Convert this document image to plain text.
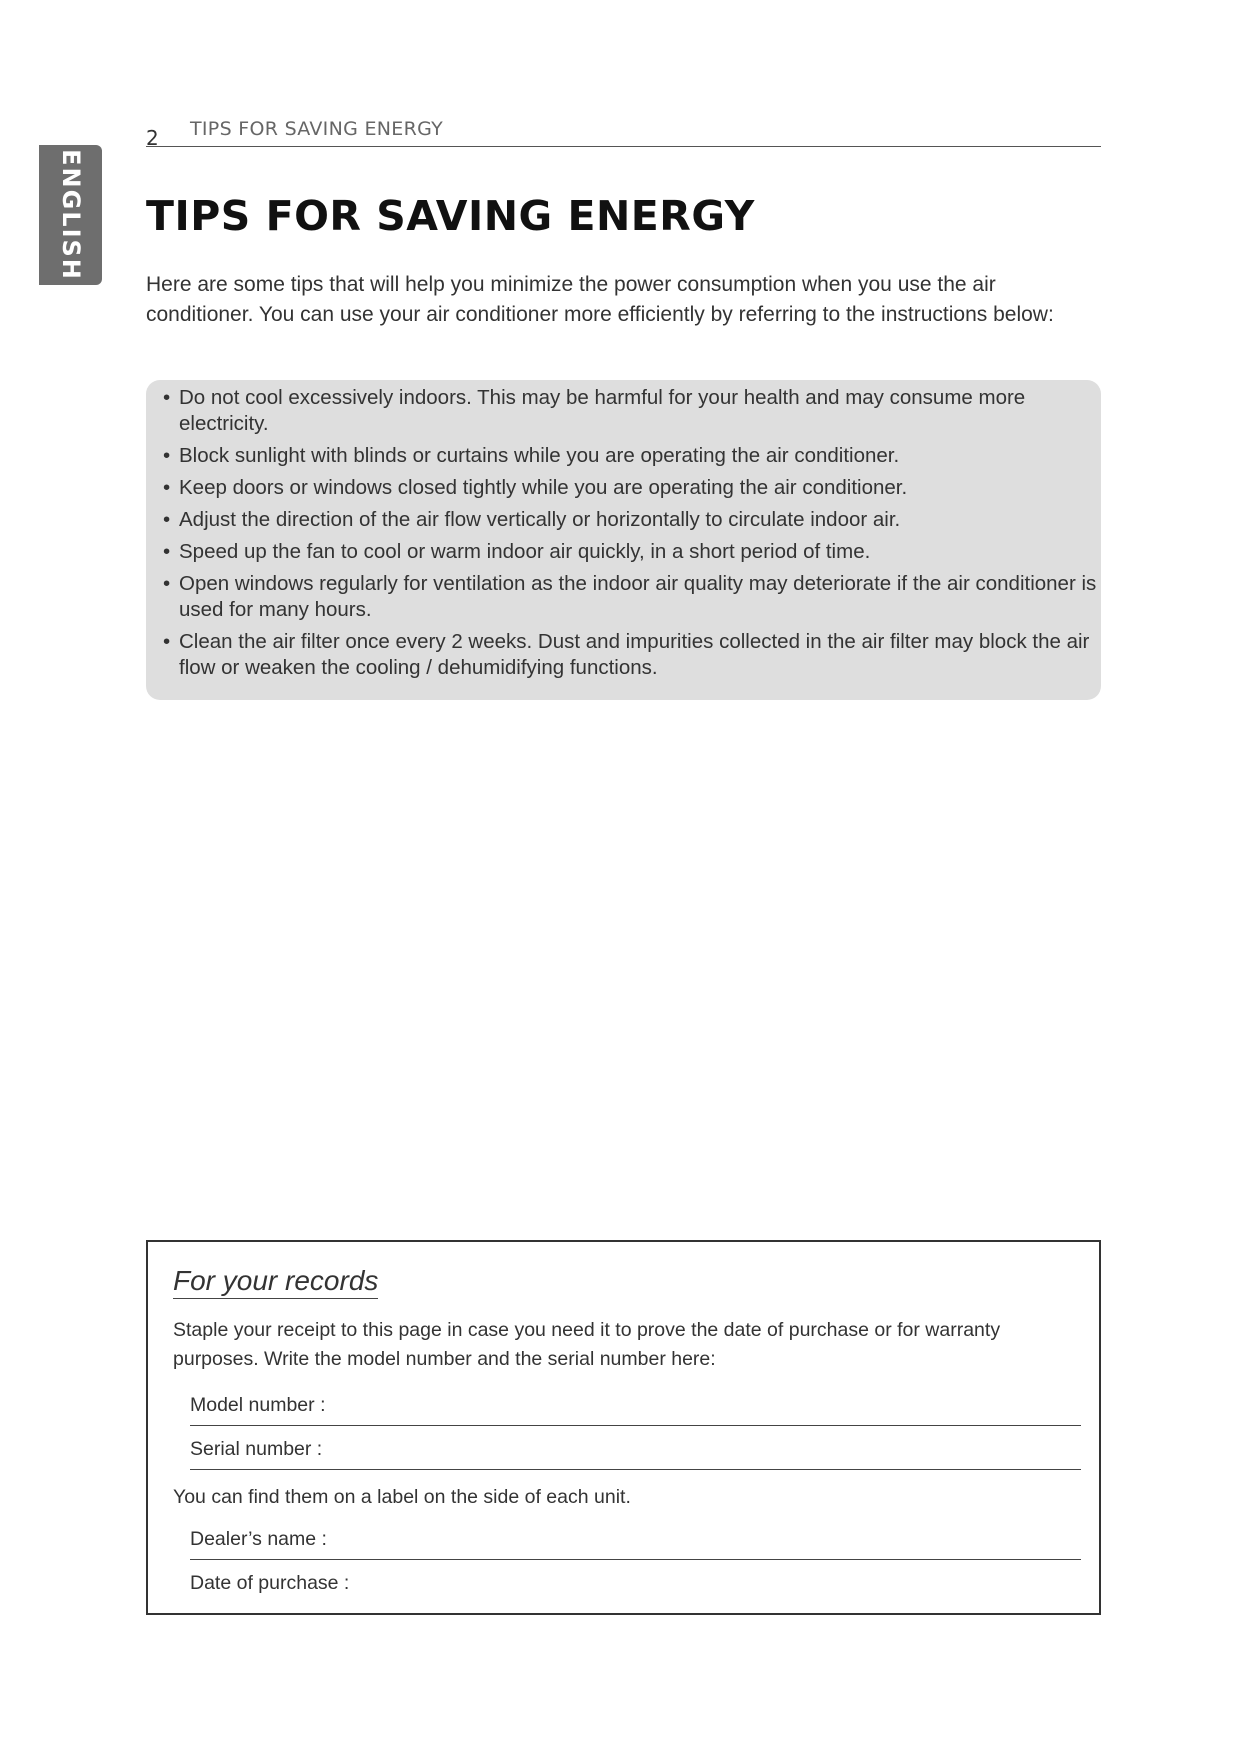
ENGLISH
2 TIPS FOR SAVING ENERGY
TIPS FOR SAVING ENERGY

Here are some tips that will help you minimize the power consumption when you use the air conditioner. You can use your air conditioner more efficiently by referring to the instructions below:

• Do not cool excessively indoors. This may be harmful for your health and may consume more electricity.
• Block sunlight with blinds or curtains while you are operating the air conditioner.
• Keep doors or windows closed tightly while you are operating the air conditioner.
• Adjust the direction of the air flow vertically or horizontally to circulate indoor air.
• Speed up the fan to cool or warm indoor air quickly, in a short period of time.
• Open windows regularly for ventilation as the indoor air quality may deteriorate if the air conditioner is used for many hours.
• Clean the air filter once every 2 weeks. Dust and impurities collected in the air filter may block the air flow or weaken the cooling / dehumidifying functions.
For your records

Staple your receipt to this page in case you need it to prove the date of purchase or for warranty purposes. Write the model number and the serial number here:

Model number :
Serial number :

You can find them on a label on the side of each unit.

Dealer’s name :
Date of purchase :
